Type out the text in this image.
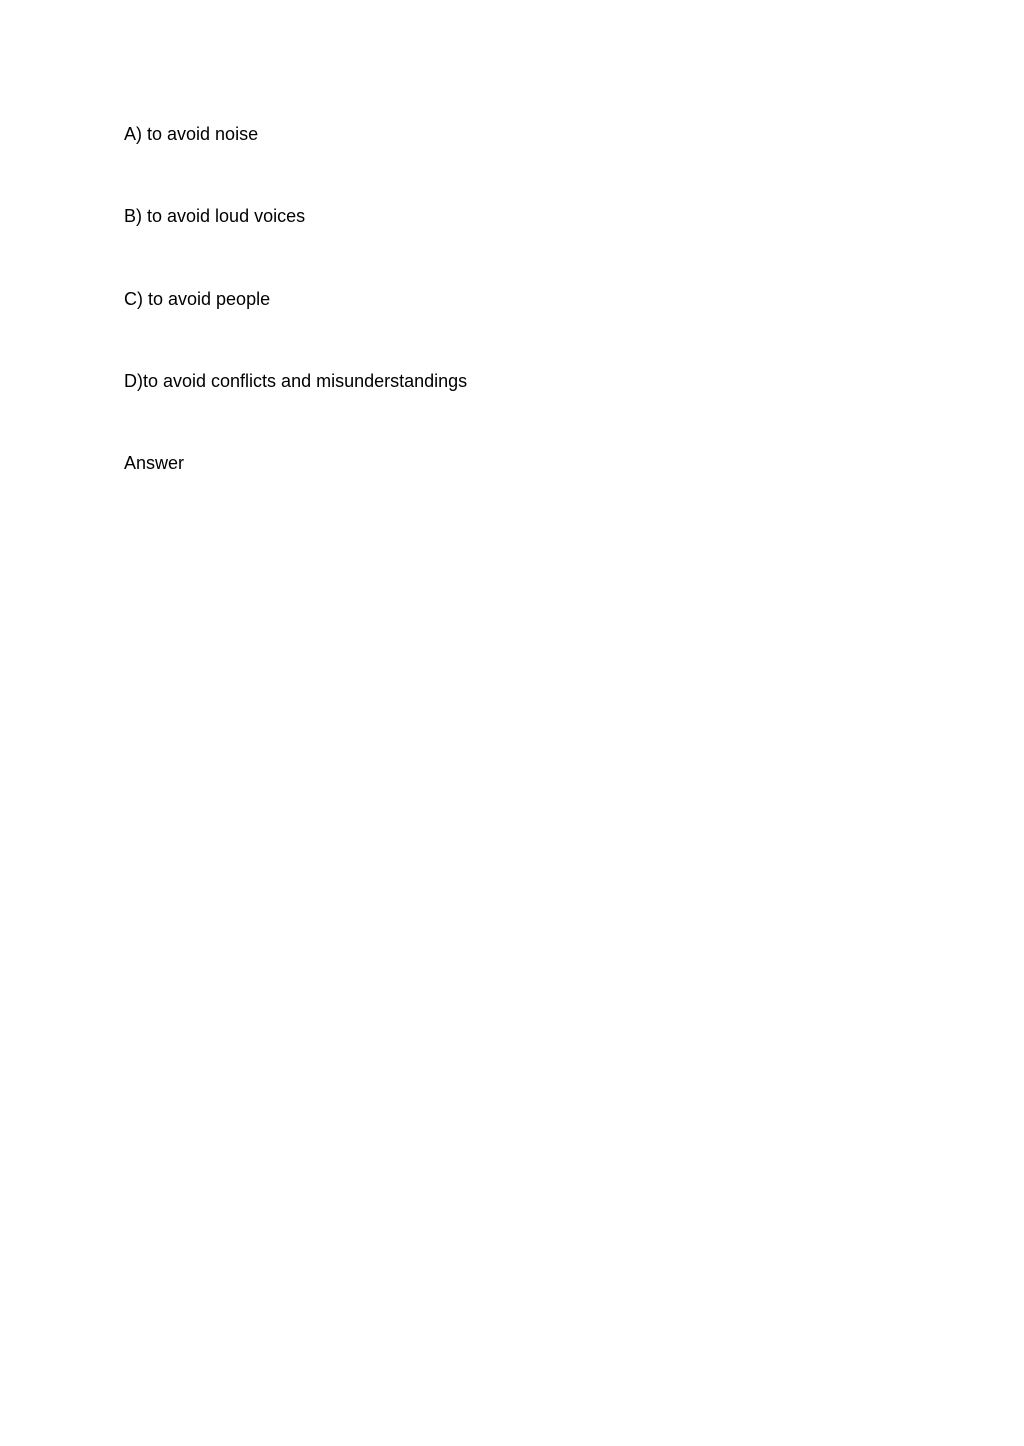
A) to avoid noise
B) to avoid loud voices
C) to avoid people
D)to avoid conflicts and misunderstandings
Answer
